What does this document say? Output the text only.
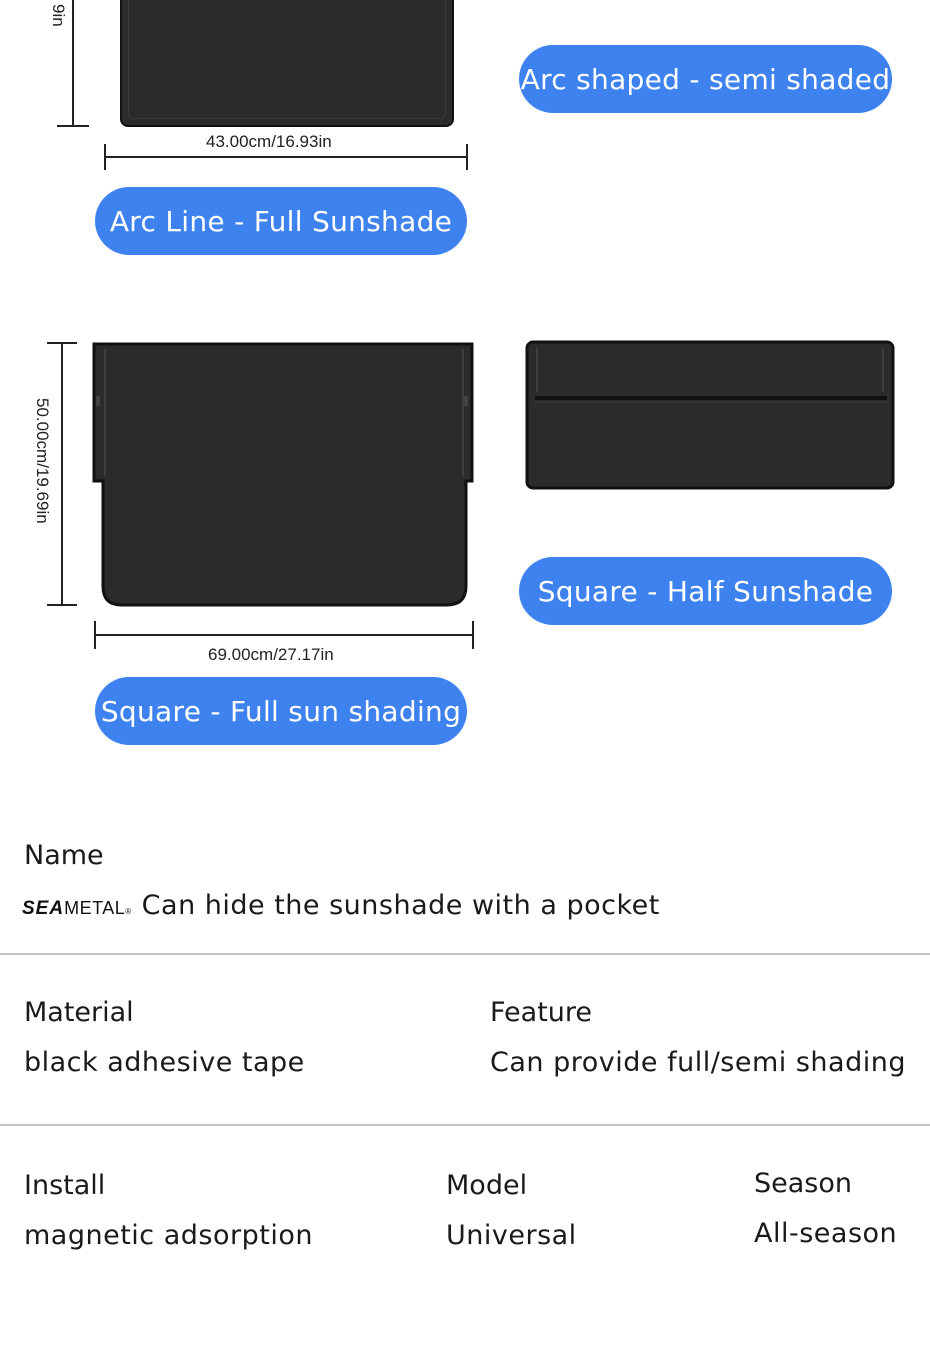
9in
43.00cm/16.93in
Arc Line - Full Sunshade
Arc shaped - semi shaded
50.00cm/19.69in
69.00cm/27.17in
Square - Full sun shading
Square - Half Sunshade
Name
SEA METAL ® Can hide the sunshade with a pocket
Material
black adhesive tape
Feature
Can provide full/semi shading
Install
magnetic adsorption
Model
Universal
Season
All-season
